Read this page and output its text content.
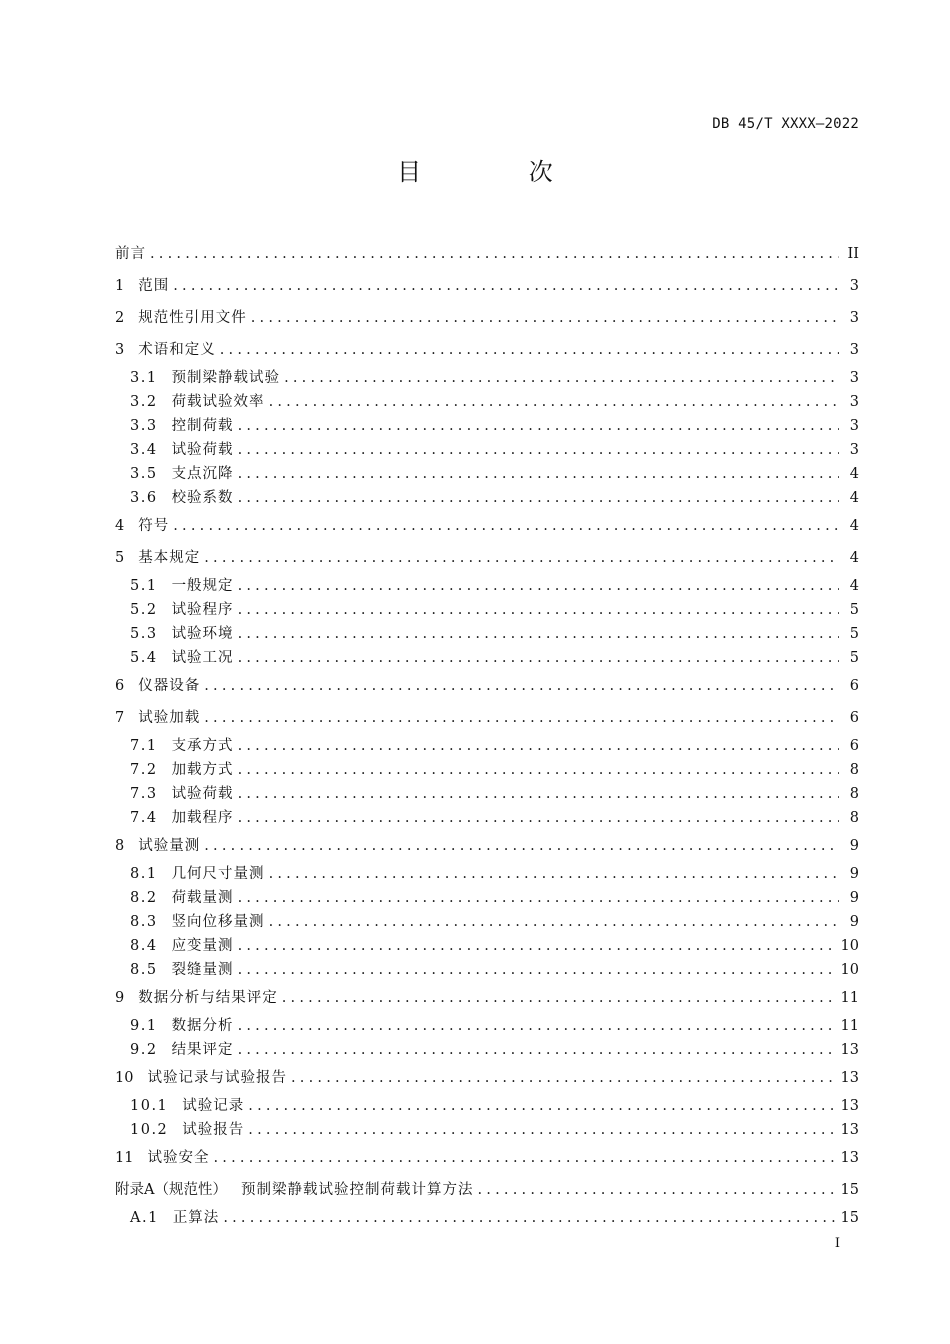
DB 45/T XXXX—2022
目 次
前言 .....	II
1 范围 .....	3
2 规范性引用文件 .....	3
3 术语和定义 .....	3
3.1 预制梁静载试验 .....	3
3.2 荷载试验效率 .....	3
3.3 控制荷载 .....	3
3.4 试验荷载 .....	3
3.5 支点沉降 .....	4
3.6 校验系数 .....	4
4 符号 .....	4
5 基本规定 .....	4
5.1 一般规定 .....	4
5.2 试验程序 .....	5
5.3 试验环境 .....	5
5.4 试验工况 .....	5
6 仪器设备 .....	6
7 试验加载 .....	6
7.1 支承方式 .....	6
7.2 加载方式 .....	8
7.3 试验荷载 .....	8
7.4 加载程序 .....	8
8 试验量测 .....	9
8.1 几何尺寸量测 .....	9
8.2 荷载量测 .....	9
8.3 竖向位移量测 .....	9
8.4 应变量测 .....	10
8.5 裂缝量测 .....	10
9 数据分析与结果评定 .....	11
9.1 数据分析 .....	11
9.2 结果评定 .....	13
10 试验记录与试验报告 .....	13
10.1 试验记录 .....	13
10.2 试验报告 .....	13
11 试验安全 .....	13
附录A（规范性） 预制梁静载试验控制荷载计算方法 .....	15
A.1 正算法 .....	15
I
